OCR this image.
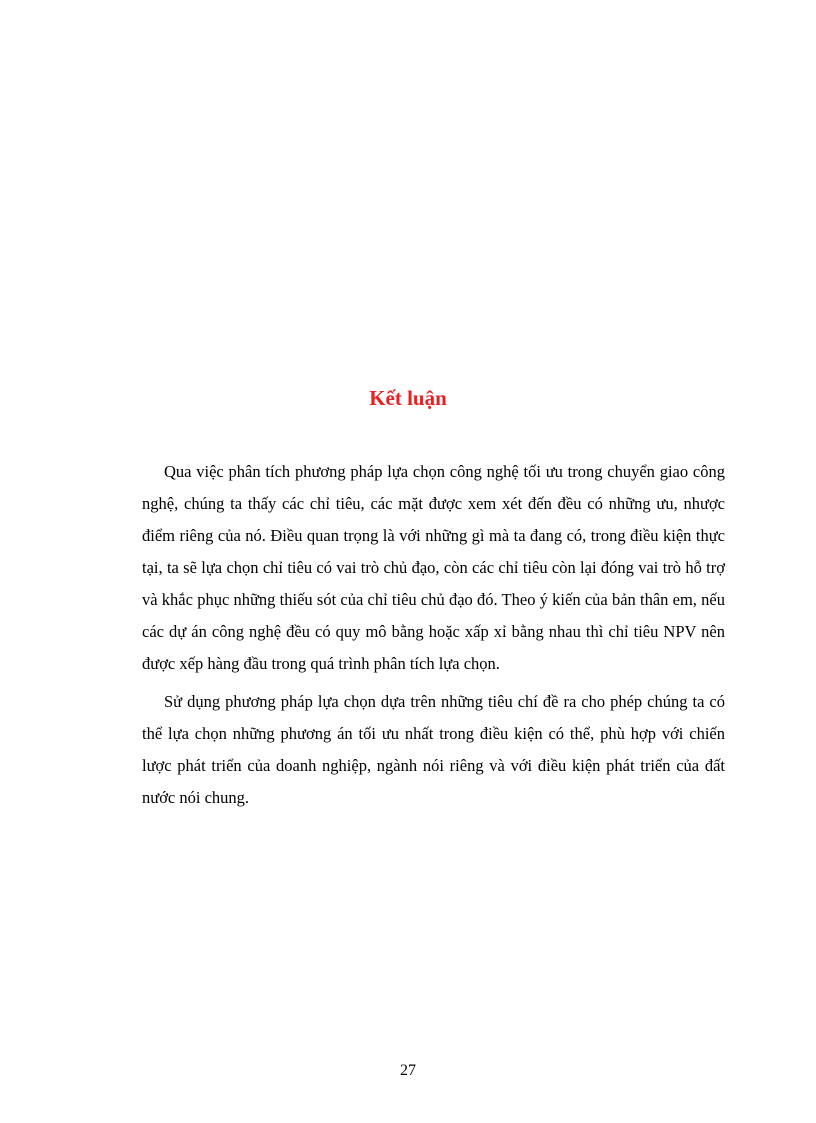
Kết luận

Qua việc phân tích phương pháp lựa chọn công nghệ tối ưu trong chuyển giao công nghệ, chúng ta thấy các chỉ tiêu, các mặt được xem xét đến đều có những ưu, nhược điểm riêng của nó. Điều quan trọng là với những gì mà ta đang có, trong điều kiện thực tại, ta sẽ lựa chọn chỉ tiêu có vai trò chủ đạo, còn các chỉ tiêu còn lại đóng vai trò hỗ trợ và khắc phục những thiếu sót của chỉ tiêu chủ đạo đó. Theo ý kiến của bản thân em, nếu các dự án công nghệ đều có quy mô bằng hoặc xấp xỉ bằng nhau thì chỉ tiêu NPV nên được xếp hàng đầu trong quá trình phân tích lựa chọn.

Sử dụng phương pháp lựa chọn dựa trên những tiêu chí đề ra cho phép chúng ta có thể lựa chọn những phương án tối ưu nhất trong điều kiện có thể, phù hợp với chiến lược phát triển của doanh nghiệp, ngành nói riêng và với điều kiện phát triển của đất nước nói chung.

27
